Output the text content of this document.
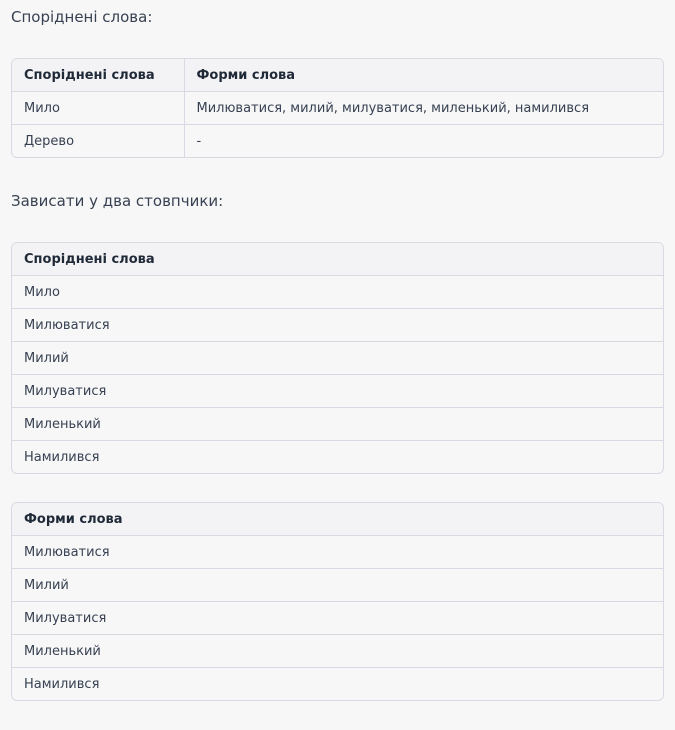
Споріднені слова:

Споріднені слова	Форми слова
Мило	Милюватися, милий, милуватися, миленький, намилився
Дерево	-

Зависати у два стовпчики:

Споріднені слова
Мило
Милюватися
Милий
Милуватися
Миленький
Намилився
Форми слова
Милюватися
Милий
Милуватися
Миленький
Намилився
